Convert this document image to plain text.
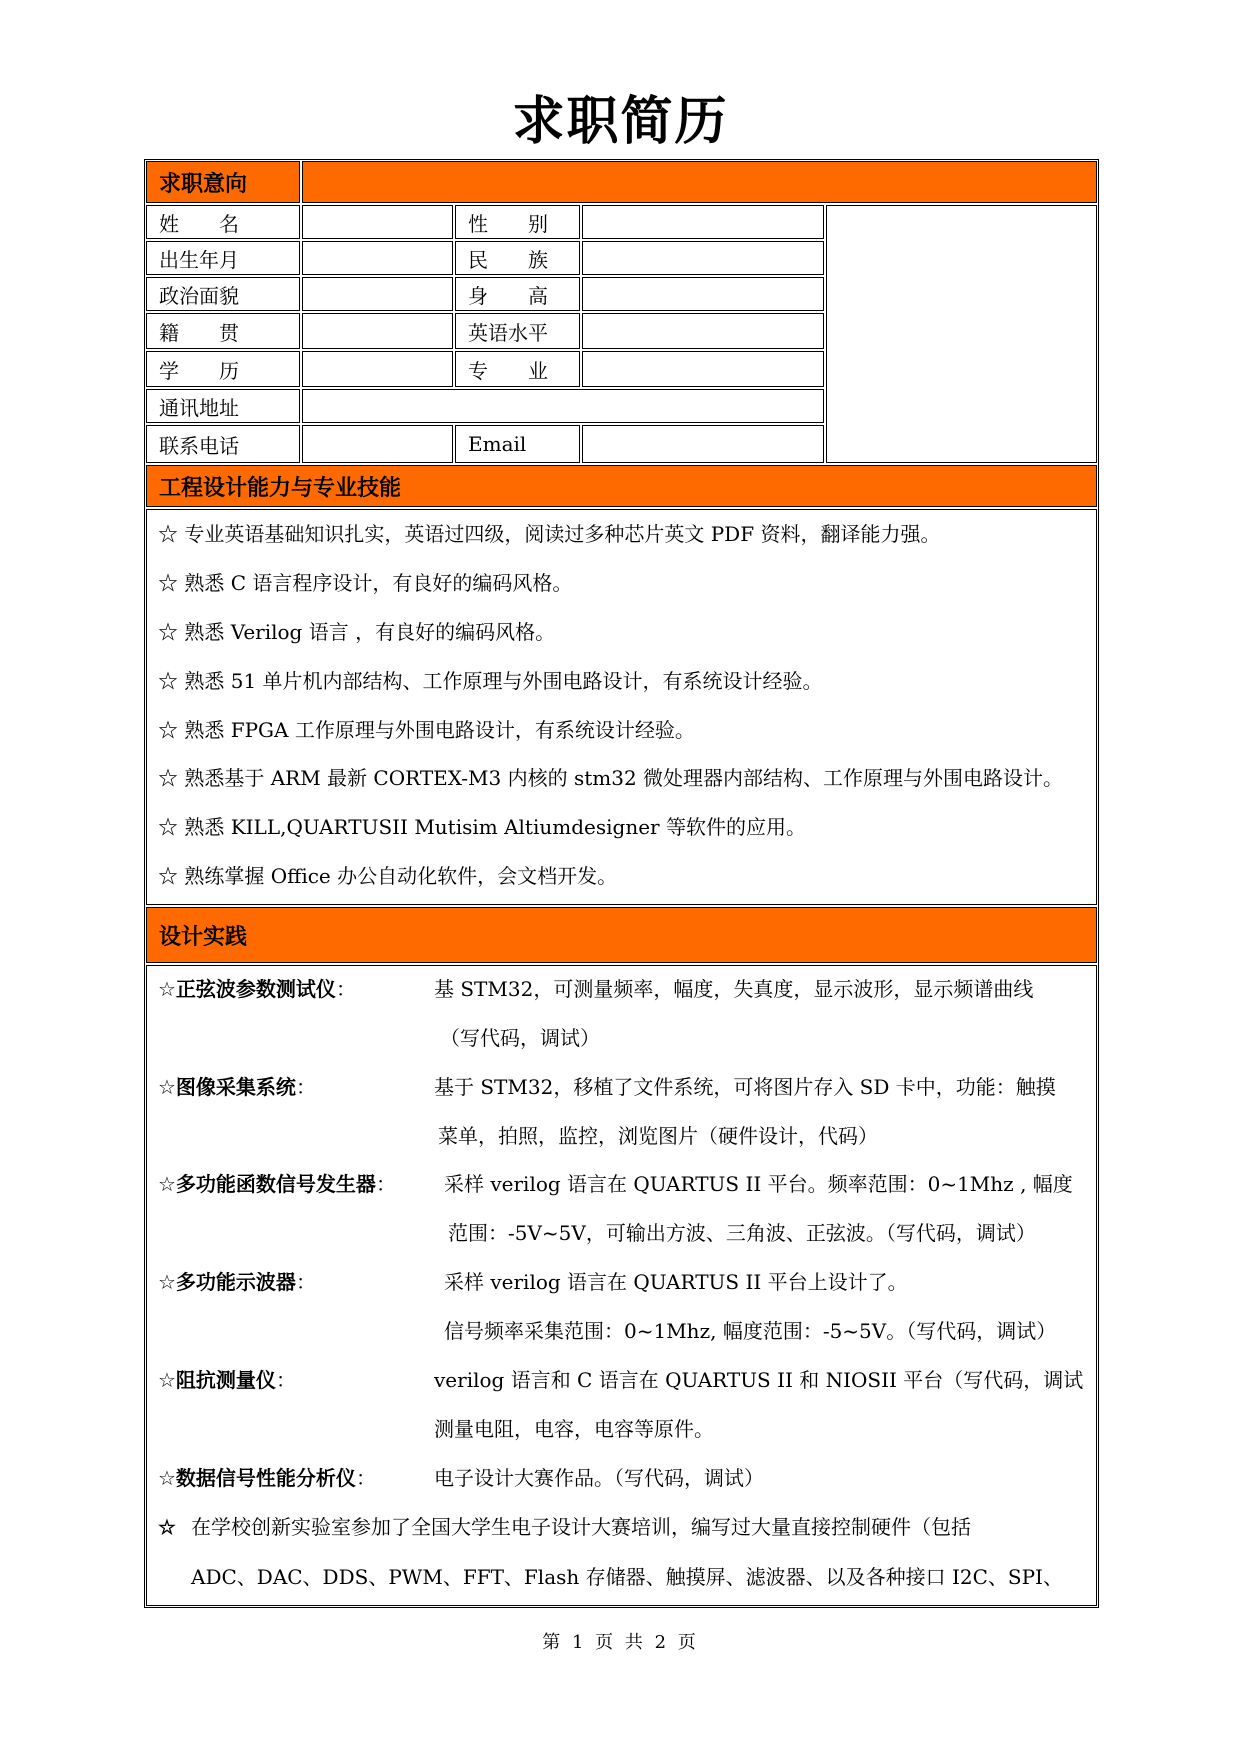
求职简历
求职意向
姓　　名	性　　别
出生年月	民　　族
政治面貌	身　　高
籍　　贯	英语水平
学　　历	专　　业
通讯地址
联系电话	Email
工程设计能力与专业技能
☆ 专业英语基础知识扎实，英语过四级，阅读过多种芯片英文 PDF 资料，翻译能力强。
☆ 熟悉 C 语言程序设计，有良好的编码风格。
☆ 熟悉 Verilog 语言 ，有良好的编码风格。
☆ 熟悉 51 单片机内部结构、工作原理与外围电路设计，有系统设计经验。
☆ 熟悉 FPGA 工作原理与外围电路设计，有系统设计经验。
☆ 熟悉基于 ARM 最新 CORTEX-M3 内核的 stm32 微处理器内部结构、工作原理与外围电路设计。
☆ 熟悉 KILL,QUARTUSII Mutisim Altiumdesigner 等软件的应用。
☆ 熟练掌握 Office 办公自动化软件，会文档开发。
设计实践
☆正弦波参数测试仪：	基 STM32，可测量频率，幅度，失真度，显示波形，显示频谱曲线
（写代码，调试）
☆图像采集系统：	基于 STM32，移植了文件系统，可将图片存入 SD 卡中，功能：触摸
菜单，拍照，监控，浏览图片（硬件设计，代码）
☆多功能函数信号发生器： 采样 verilog 语言在 QUARTUS II 平台。频率范围：0~1Mhz , 幅度
范围：-5V~5V，可输出方波、三角波、正弦波。（写代码，调试）
☆多功能示波器：	采样 verilog 语言在 QUARTUS II 平台上设计了。
信号频率采集范围：0~1Mhz, 幅度范围：-5~5V。（写代码，调试）
☆阻抗测量仪：	verilog 语言和 C 语言在 QUARTUS II 和 NIOSII 平台（写代码，调试
测量电阻，电容，电容等原件。
☆数据信号性能分析仪：	电子设计大赛作品。（写代码，调试）
☆ 在学校创新实验室参加了全国大学生电子设计大赛培训，编写过大量直接控制硬件（包括
ADC、DAC、DDS、PWM、FFT、Flash 存储器、触摸屏、滤波器、以及各种接口 I2C、SPI、
第 1 页 共 2 页
